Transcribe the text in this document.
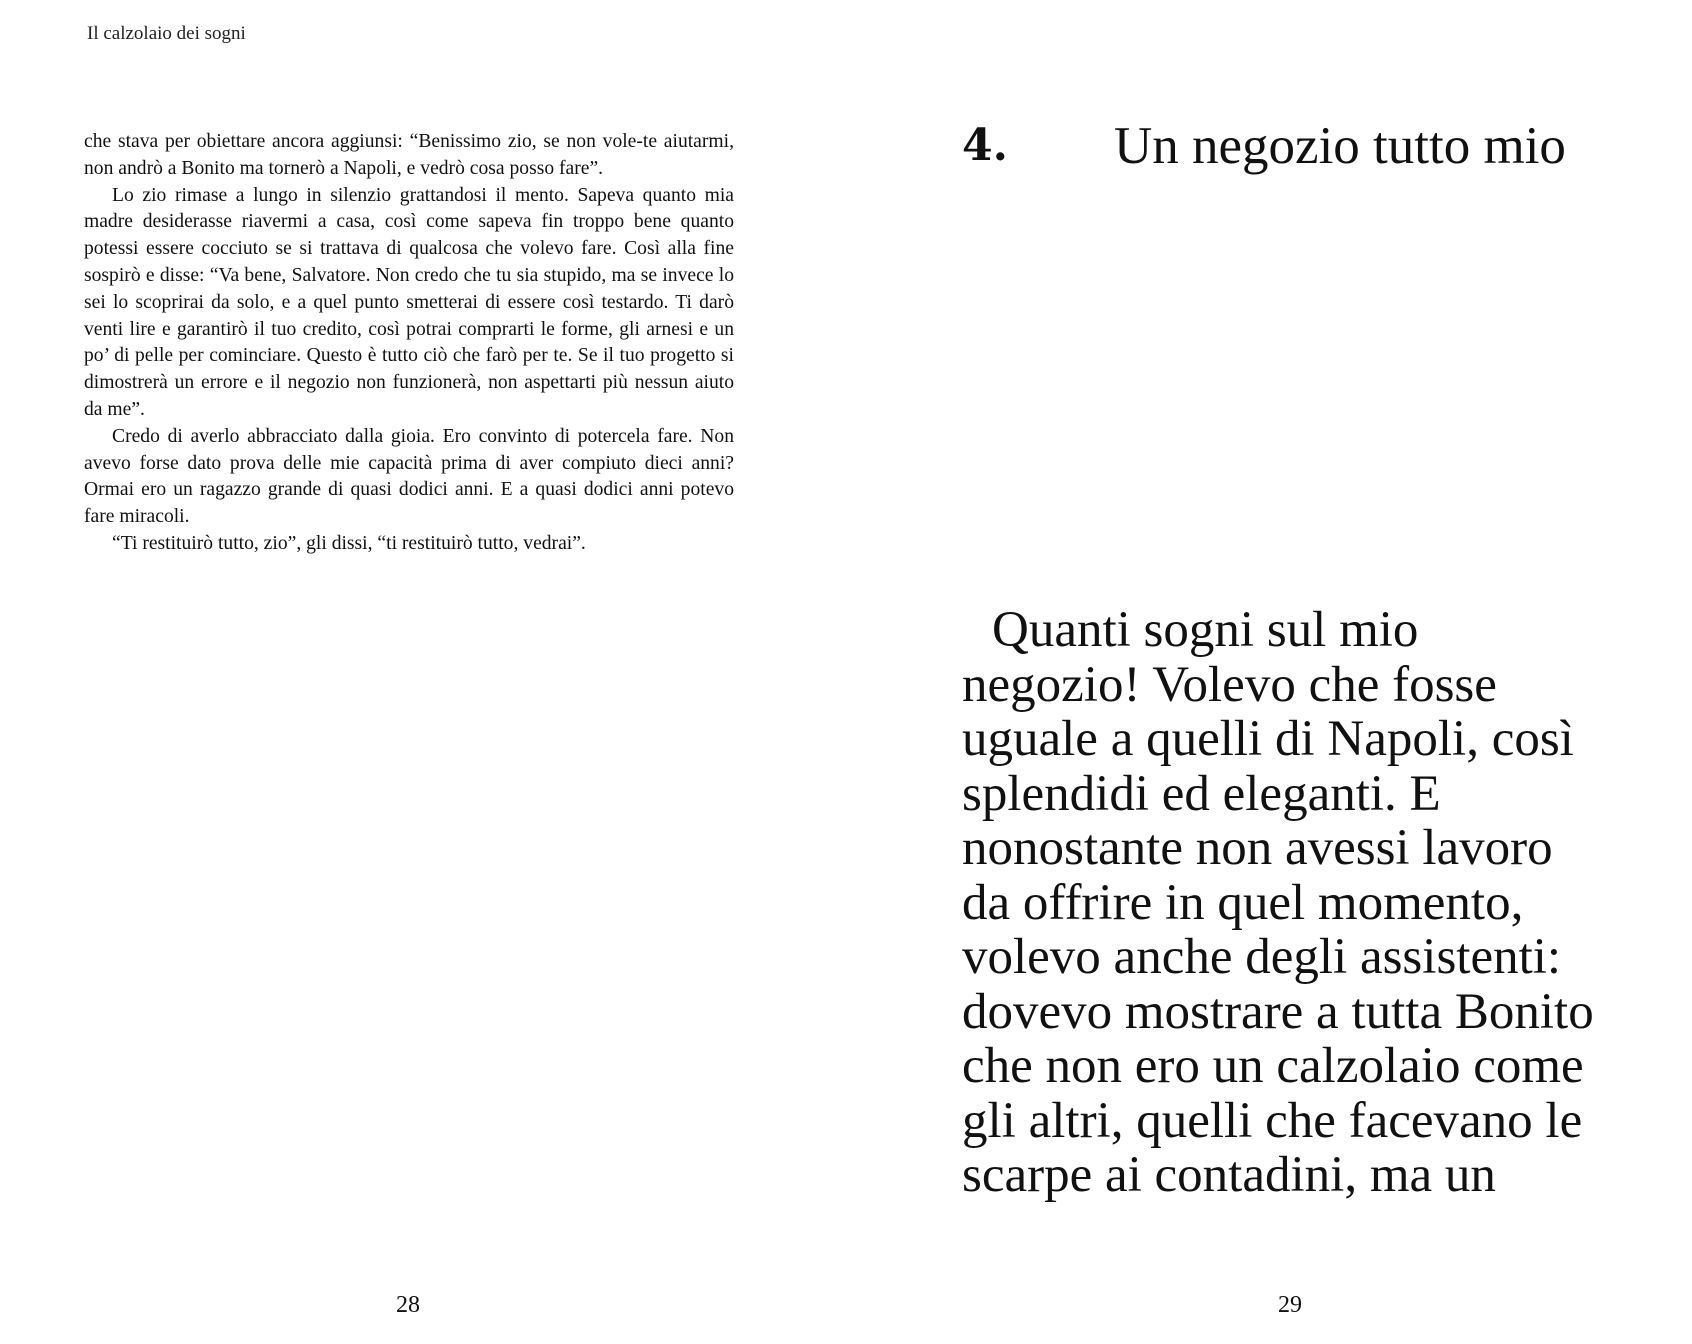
Il calzolaio dei sogni

che stava per obiettare ancora aggiunsi: “Benissimo zio, se non vole-te aiutarmi, non andrò a Bonito ma tornerò a Napoli, e vedrò cosa posso fare”.

Lo zio rimase a lungo in silenzio grattandosi il mento. Sapeva quanto mia madre desiderasse riavermi a casa, così come sapeva fin troppo bene quanto potessi essere cocciuto se si trattava di qualcosa che volevo fare. Così alla fine sospirò e disse: “Va bene, Salvatore. Non credo che tu sia stupido, ma se invece lo sei lo scoprirai da solo, e a quel punto smetterai di essere così testardo. Ti darò venti lire e garantirò il tuo credito, così potrai comprarti le forme, gli arnesi e un po’ di pelle per cominciare. Questo è tutto ciò che farò per te. Se il tuo progetto si dimostrerà un errore e il negozio non funzionerà, non aspettarti più nessun aiuto da me”.

Credo di averlo abbracciato dalla gioia. Ero convinto di potercela fare. Non avevo forse dato prova delle mie capacità prima di aver compiuto dieci anni? Ormai ero un ragazzo grande di quasi dodici anni. E a quasi dodici anni potevo fare miracoli.

“Ti restituirò tutto, zio”, gli dissi, “ti restituirò tutto, vedrai”.

28
4. Un negozio tutto mio
Quanti sogni sul mio
negozio! Volevo che fosse
uguale a quelli di Napoli, così
splendidi ed eleganti. E
nonostante non avessi lavoro
da offrire in quel momento,
volevo anche degli assistenti:
dovevo mostrare a tutta Bonito
che non ero un calzolaio come
gli altri, quelli che facevano le
scarpe ai contadini, ma un
29
